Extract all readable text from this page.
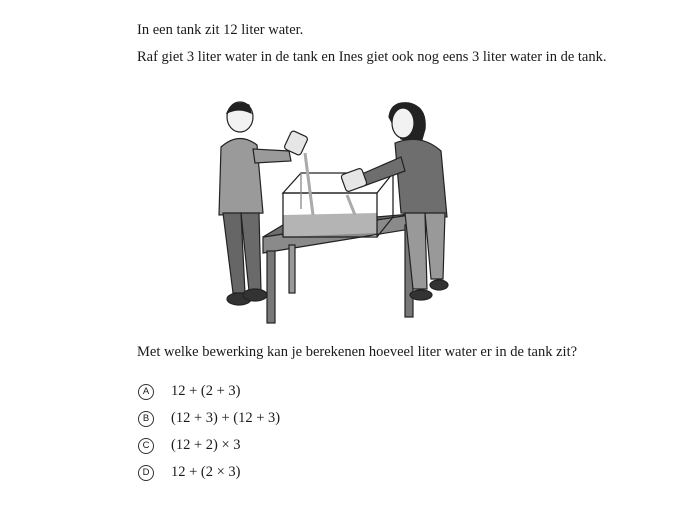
In een tank zit 12 liter water.
Raf giet 3 liter water in de tank en Ines giet ook nog eens 3 liter water in de tank.
Met welke bewerking kan je berekenen hoeveel liter water er in de tank zit?
A	12 + (2 + 3)
B	(12 + 3) + (12 + 3)
C	(12 + 2) × 3
D	12 + (2 × 3)
